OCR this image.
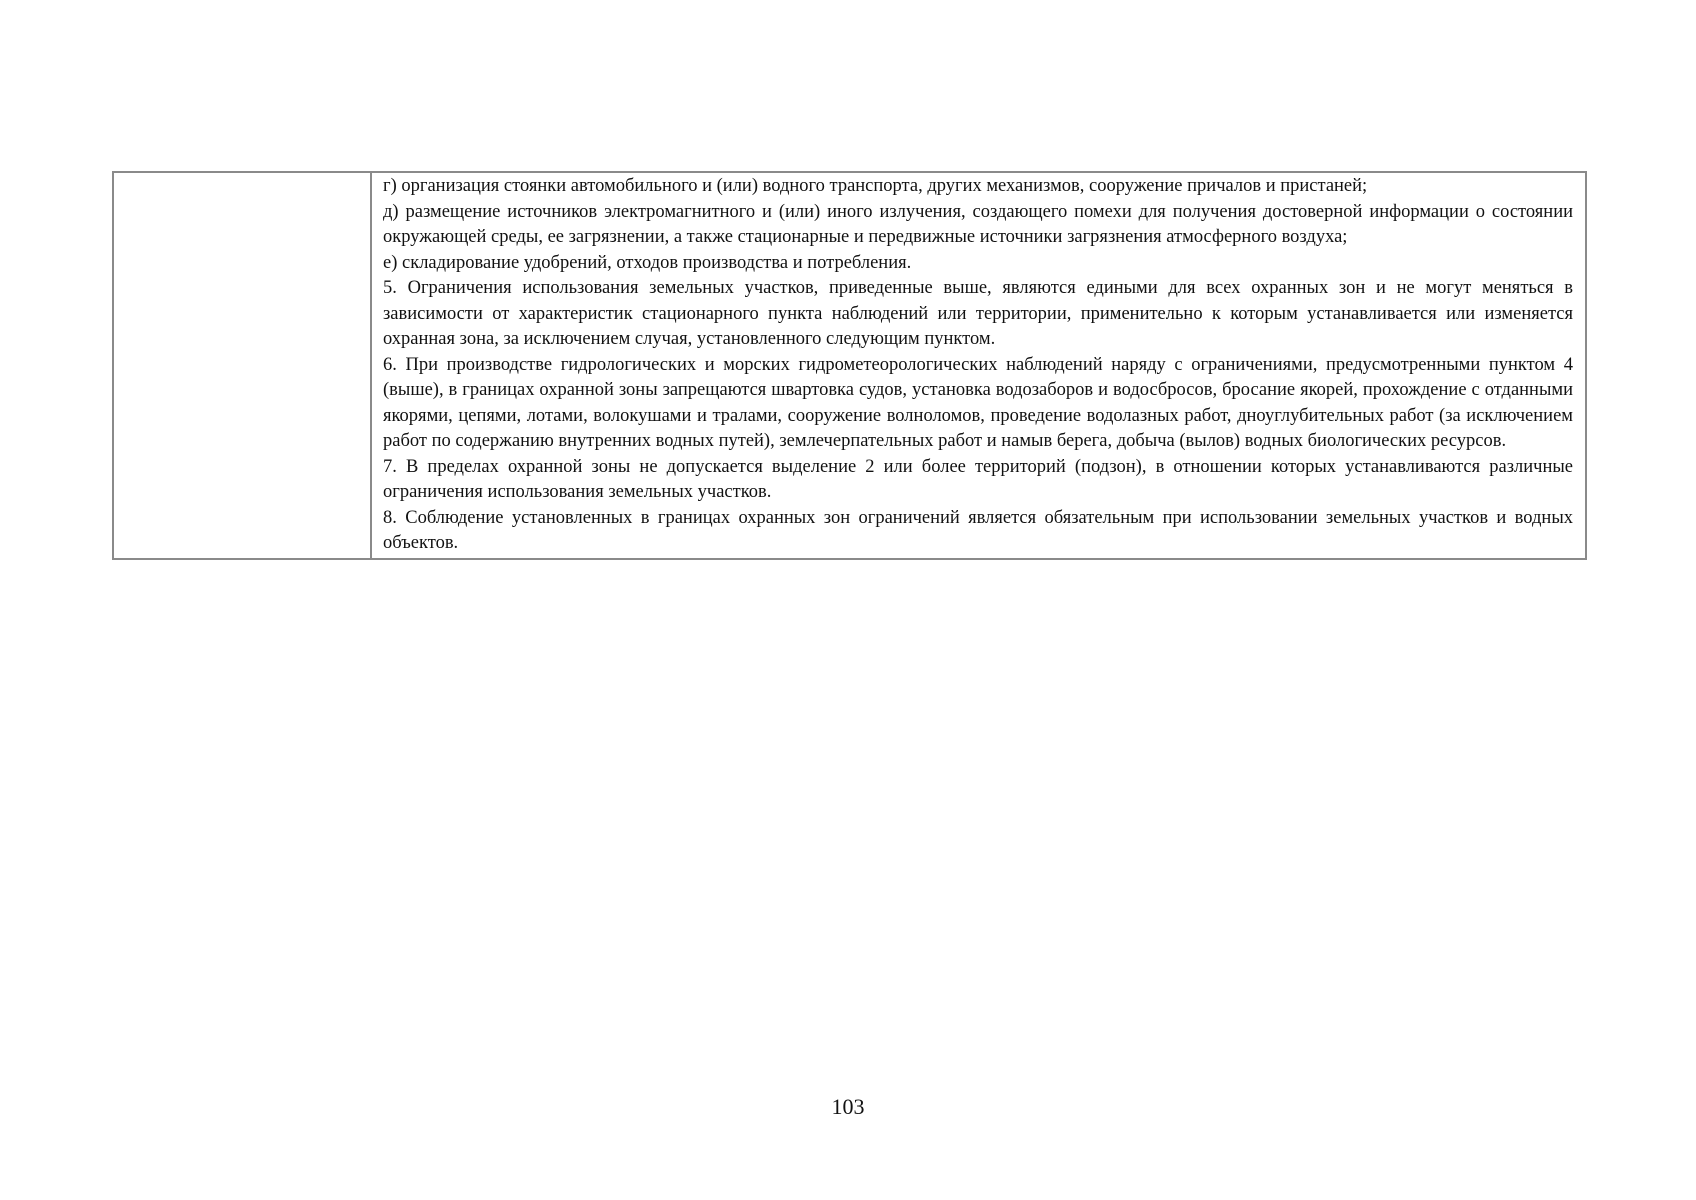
г) организация стоянки автомобильного и (или) водного транспорта, других механизмов, сооружение причалов и пристаней;

д) размещение источников электромагнитного и (или) иного излучения, создающего помехи для получения достоверной информации о состоянии окружающей среды, ее загрязнении, а также стационарные и передвижные источники загрязнения атмосферного воздуха;

е) складирование удобрений, отходов производства и потребления.

5. Ограничения использования земельных участков, приведенные выше, являются едиными для всех охранных зон и не могут меняться в зависимости от характеристик стационарного пункта наблюдений или территории, применительно к которым устанавливается или изменяется охранная зона, за исключением случая, установленного следующим пунктом.

6. При производстве гидрологических и морских гидрометеорологических наблюдений наряду с ограничениями, предусмотренными пунктом 4 (выше), в границах охранной зоны запрещаются швартовка судов, установка водозаборов и водосбросов, бросание якорей, прохождение с отданными якорями, цепями, лотами, волокушами и тралами, сооружение волноломов, проведение водолазных работ, дноуглубительных работ (за исключением работ по содержанию внутренних водных путей), землечерпательных работ и намыв берега, добыча (вылов) водных биологических ресурсов.

7. В пределах охранной зоны не допускается выделение 2 или более территорий (подзон), в отношении которых устанавливаются различные ограничения использования земельных участков.

8. Соблюдение установленных в границах охранных зон ограничений является обязательным при использовании земельных участков и водных объектов.

103
